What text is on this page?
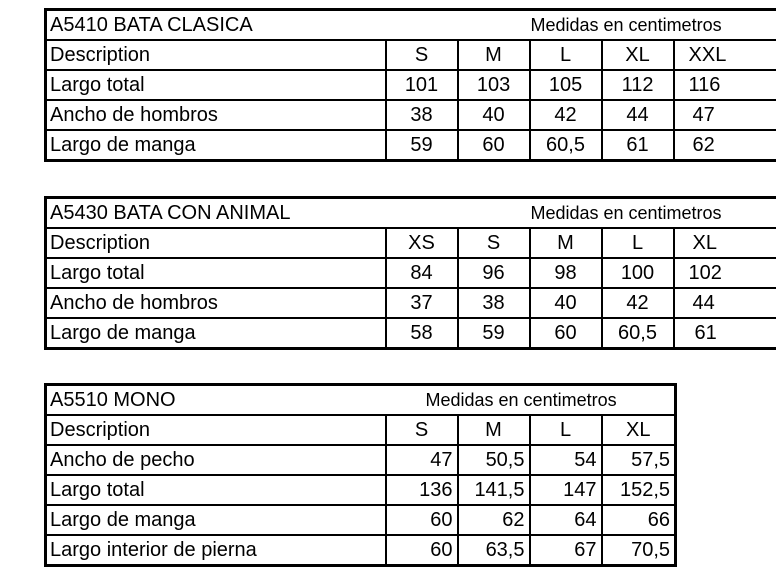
A5410 BATA CLASICA		Medidas en centimetros			
Description	S	M	L	XL	XXL
Largo total	101	103	105	112	116
Ancho de hombros	38	40	42	44	47
Largo de manga	59	60	60,5	61	62
A5430 BATA CON ANIMAL		Medidas en centimetros			
Description	XS	S	M	L	XL
Largo total	84	96	98	100	102
Ancho de hombros	37	38	40	42	44
Largo de manga	58	59	60	60,5	61
A5510 MONO	Medidas en centimetros			
Description	S	M	L	XL
Ancho de pecho	47	50,5	54	57,5
Largo total	136	141,5	147	152,5
Largo de manga	60	62	64	66
Largo interior de pierna	60	63,5	67	70,5
